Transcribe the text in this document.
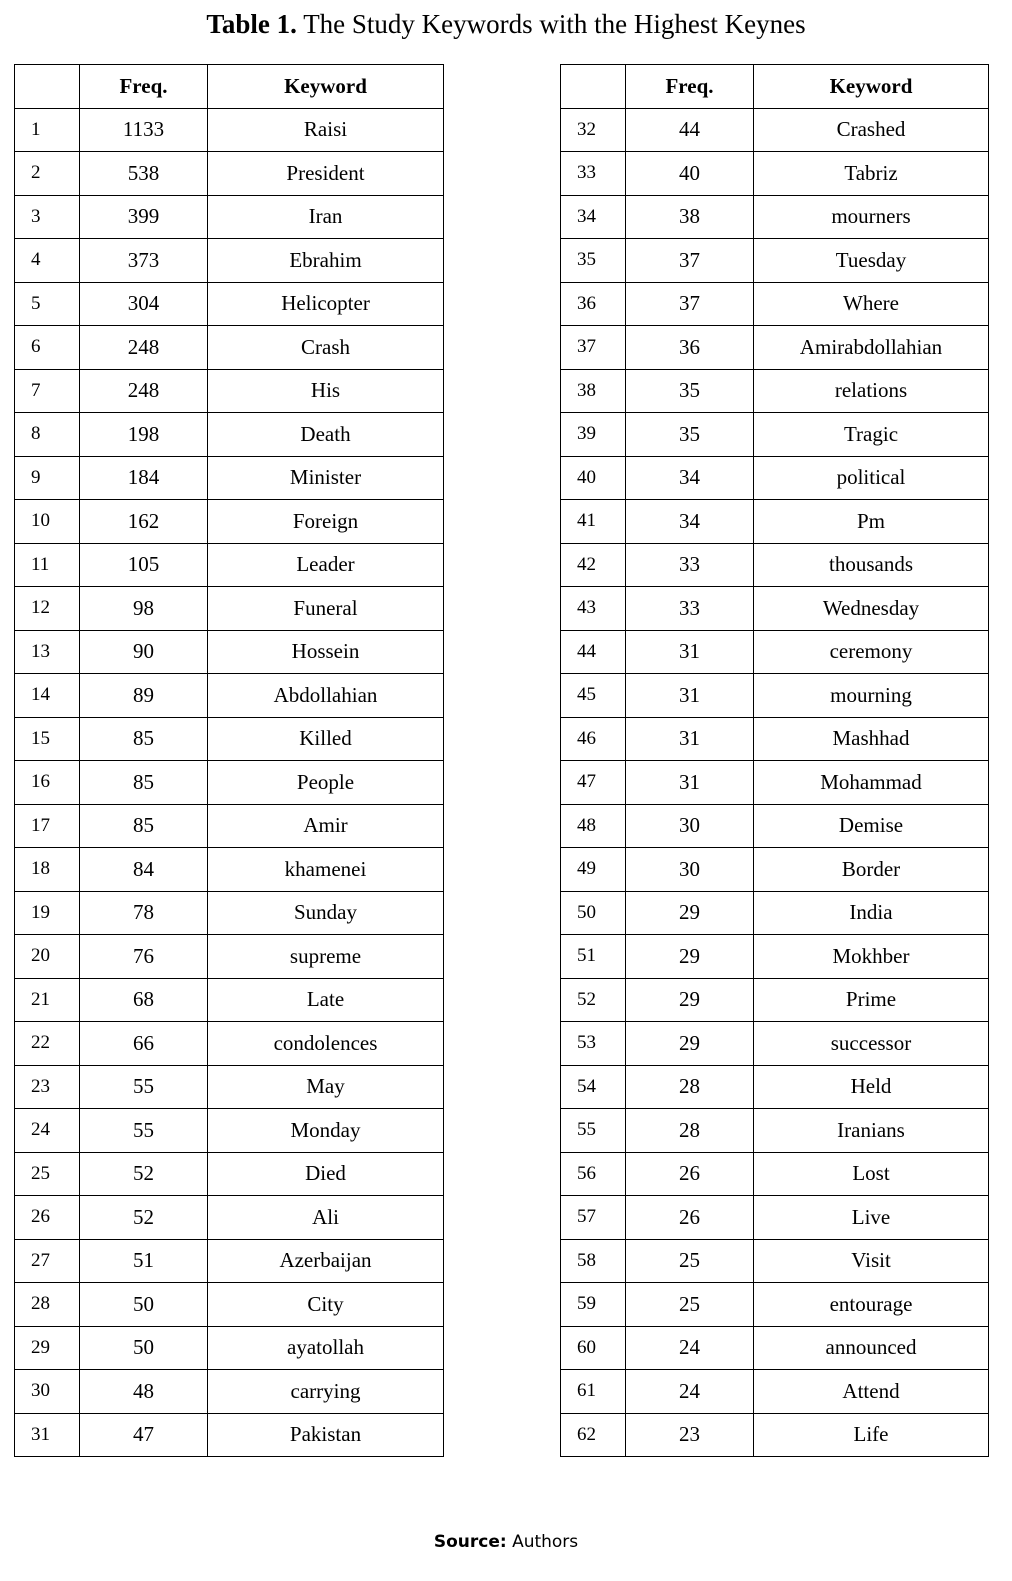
Table 1. The Study Keywords with the Highest Keynes
	Freq.	Keyword
1	1133	Raisi
2	538	President
3	399	Iran
4	373	Ebrahim
5	304	Helicopter
6	248	Crash
7	248	His
8	198	Death
9	184	Minister
10	162	Foreign
11	105	Leader
12	98	Funeral
13	90	Hossein
14	89	Abdollahian
15	85	Killed
16	85	People
17	85	Amir
18	84	khamenei
19	78	Sunday
20	76	supreme
21	68	Late
22	66	condolences
23	55	May
24	55	Monday
25	52	Died
26	52	Ali
27	51	Azerbaijan
28	50	City
29	50	ayatollah
30	48	carrying
31	47	Pakistan
	Freq.	Keyword
32	44	Crashed
33	40	Tabriz
34	38	mourners
35	37	Tuesday
36	37	Where
37	36	Amirabdollahian
38	35	relations
39	35	Tragic
40	34	political
41	34	Pm
42	33	thousands
43	33	Wednesday
44	31	ceremony
45	31	mourning
46	31	Mashhad
47	31	Mohammad
48	30	Demise
49	30	Border
50	29	India
51	29	Mokhber
52	29	Prime
53	29	successor
54	28	Held
55	28	Iranians
56	26	Lost
57	26	Live
58	25	Visit
59	25	entourage
60	24	announced
61	24	Attend
62	23	Life
Source: Authors
